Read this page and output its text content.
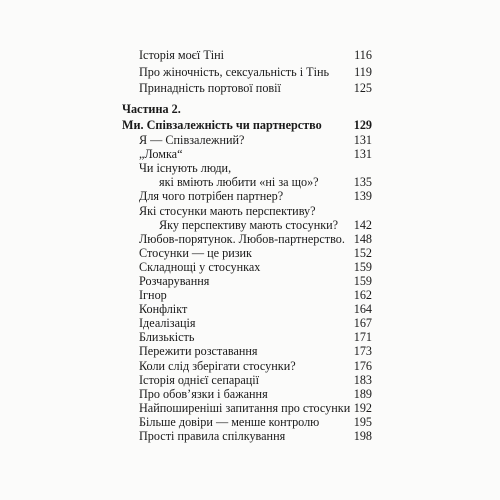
Історія моєї Тіні	116
Про жіночність, сексуальність і Тінь 119
Принадність портової повії	125
Частина 2.
Ми. Співзалежність чи партнерство	129
Я — Співзалежний?	131
„Ломка“	131
Чи існують люди,
які вміють любити «ні за що»?	135
Для чого потрібен партнер?	139
Які стосунки мають перспективу?
Яку перспективу мають стосунки? 142
Любов-порятунок. Любов-партнерство. 148
Стосунки — це ризик	152
Складнощі у стосунках	159
Розчарування	159
Ігнор	162
Конфлікт	164
Ідеалізація	167
Близькість	171
Пережити розставання	173
Коли слід зберігати стосунки?	176
Історія однієї сепарації	183
Про обов’язки і бажання	189
Найпоширеніші запитання про стосунки 192
Більше довіри — менше контролю	195
Прості правила спілкування	198
